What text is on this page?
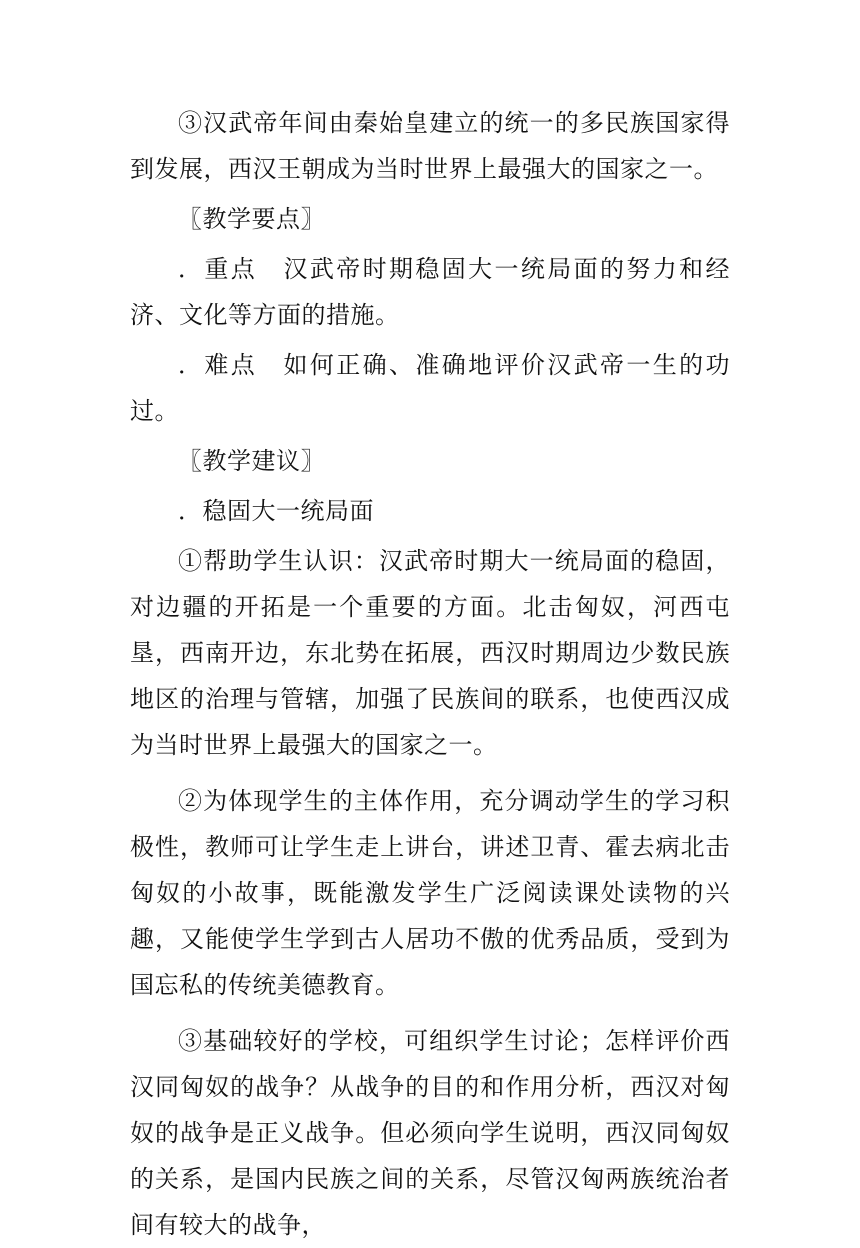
③汉武帝年间由秦始皇建立的统一的多民族国家得到发展，西汉王朝成为当时世界上最强大的国家之一。

〖教学要点〗

．重点　汉武帝时期稳固大一统局面的努力和经济、文化等方面的措施。

．难点　如何正确、准确地评价汉武帝一生的功过。

〖教学建议〗

．稳固大一统局面

①帮助学生认识：汉武帝时期大一统局面的稳固，对边疆的开拓是一个重要的方面。北击匈奴，河西屯垦，西南开边，东北势在拓展，西汉时期周边少数民族地区的治理与管辖，加强了民族间的联系，也使西汉成为当时世界上最强大的国家之一。

②为体现学生的主体作用，充分调动学生的学习积极性，教师可让学生走上讲台，讲述卫青、霍去病北击匈奴的小故事，既能激发学生广泛阅读课处读物的兴趣，又能使学生学到古人居功不傲的优秀品质，受到为国忘私的传统美德教育。

③基础较好的学校，可组织学生讨论；怎样评价西汉同匈奴的战争？从战争的目的和作用分析，西汉对匈奴的战争是正义战争。但必须向学生说明，西汉同匈奴的关系，是国内民族之间的关系，尽管汉匈两族统治者间有较大的战争，
